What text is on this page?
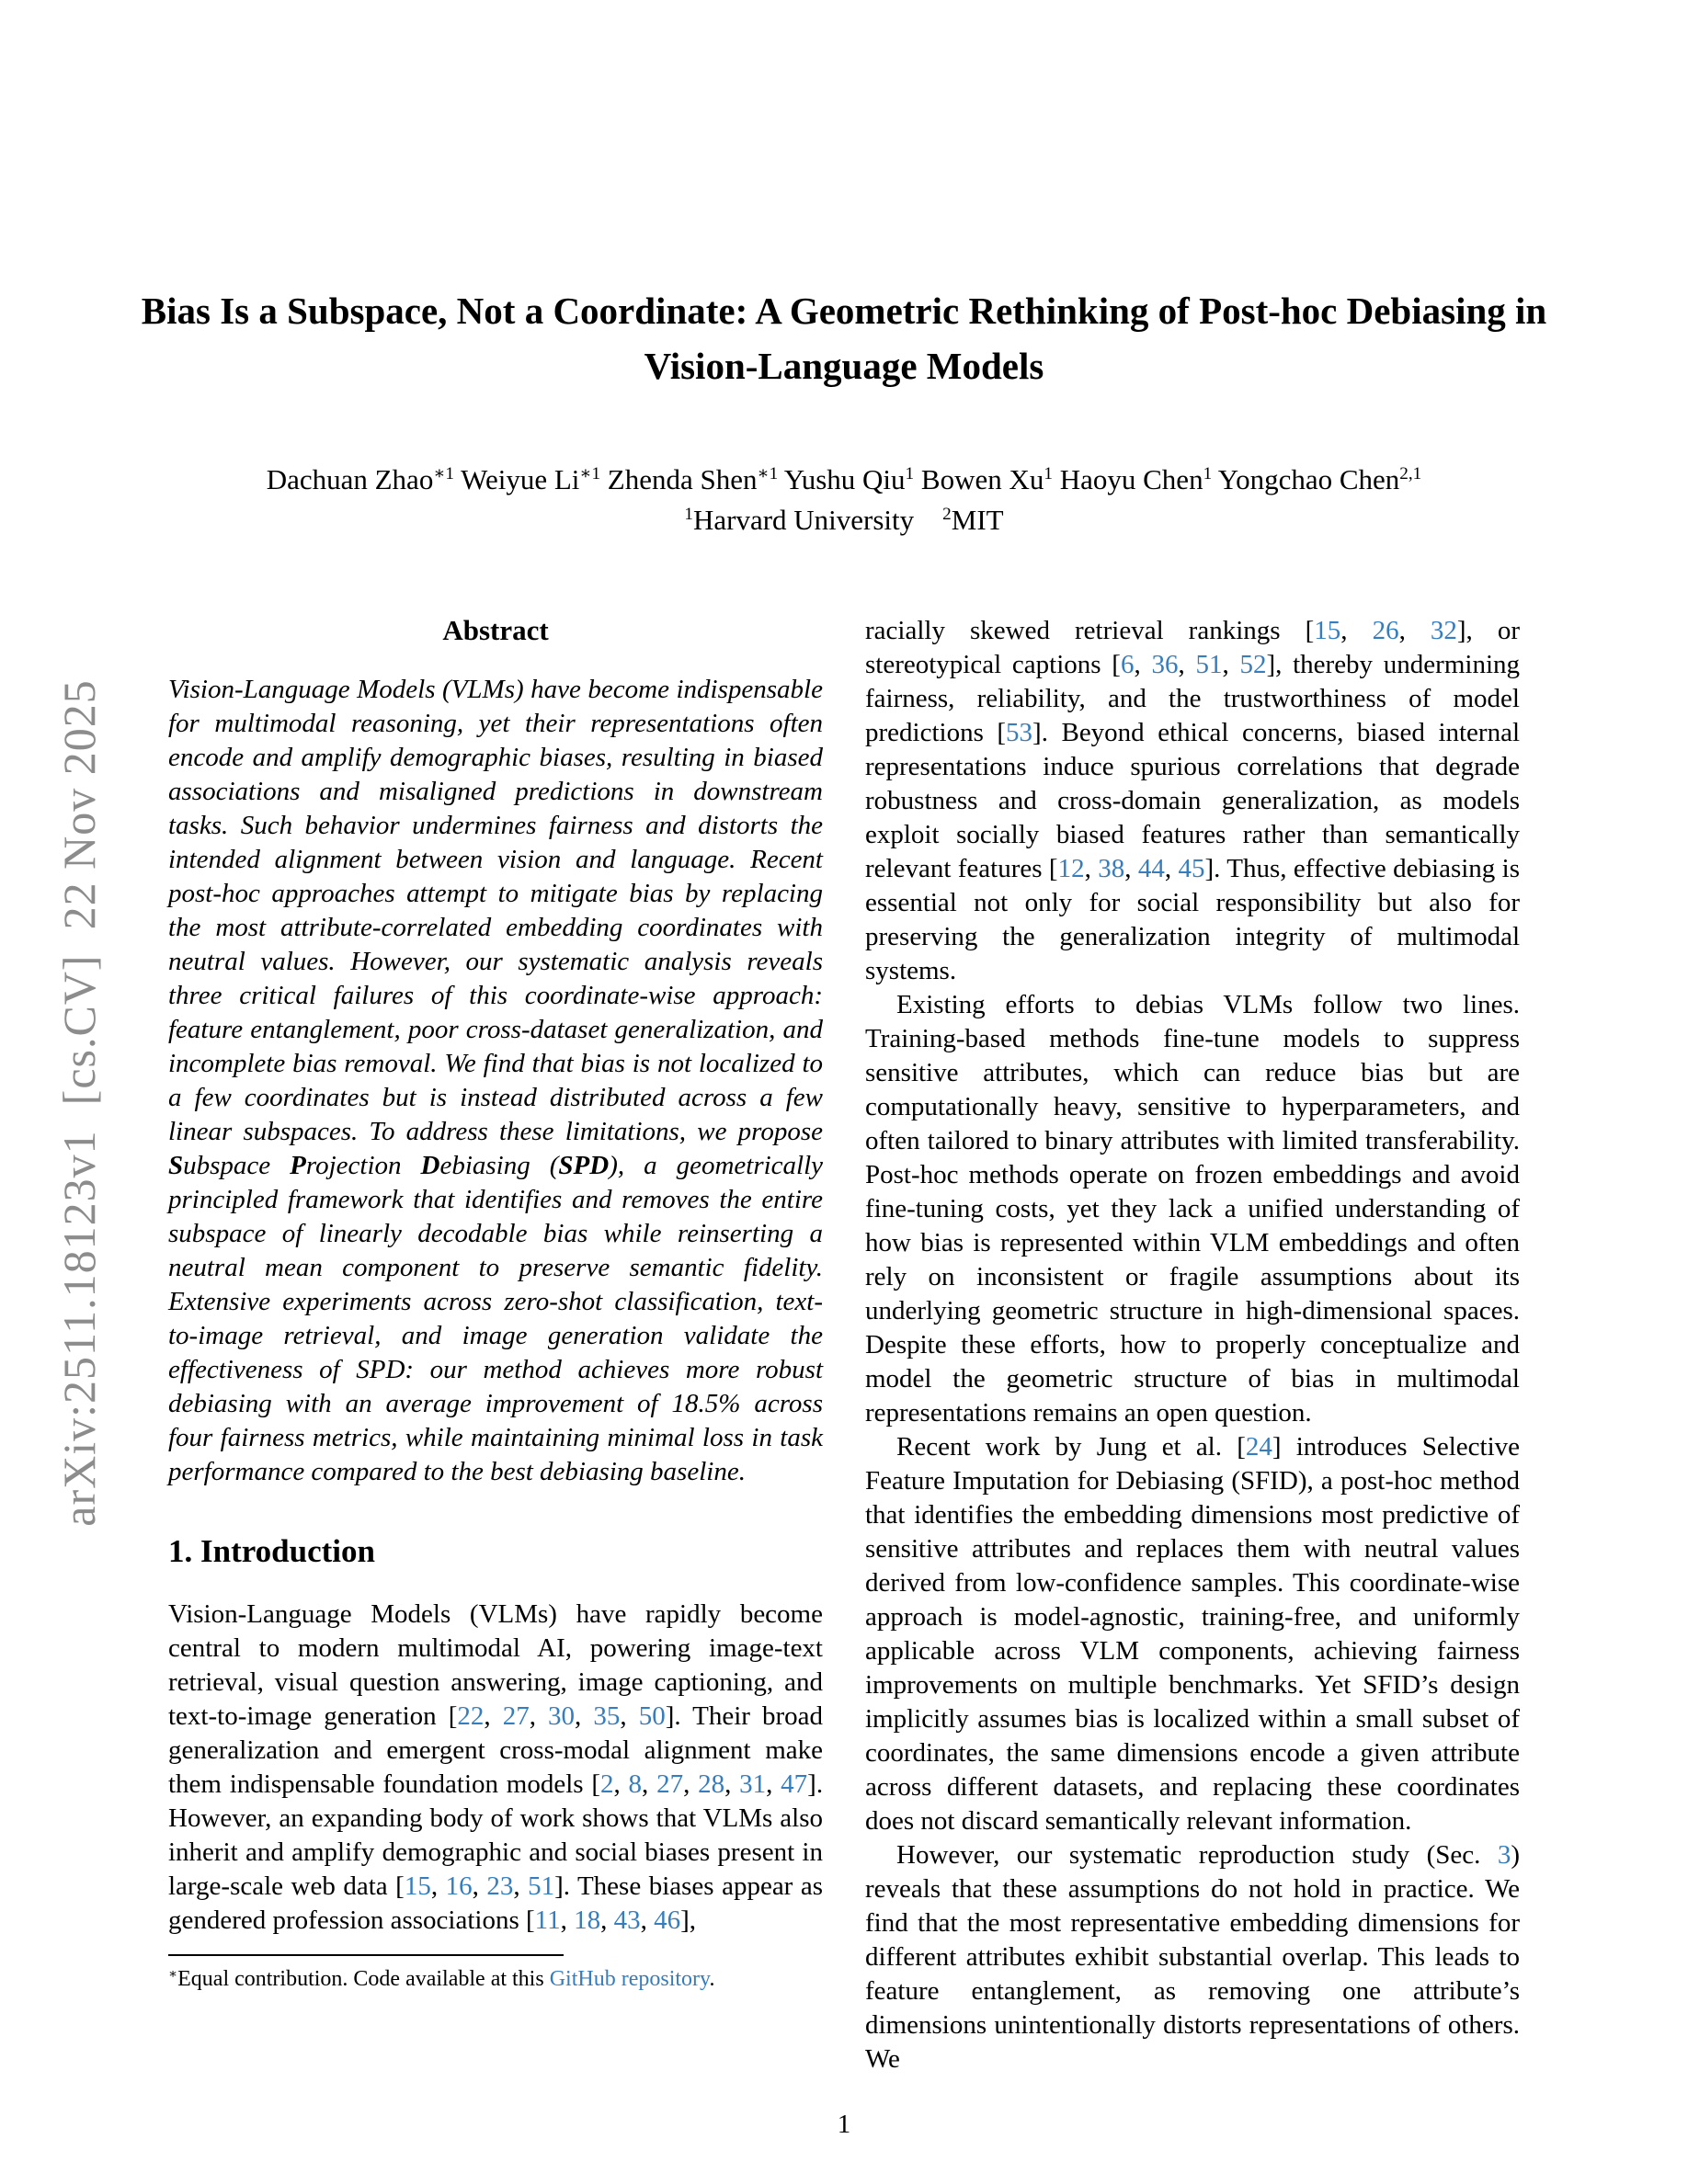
arXiv:2511.18123v1  [cs.CV]  22 Nov 2025
Bias Is a Subspace, Not a Coordinate: A Geometric Rethinking of Post-hoc Debiasing in Vision-Language Models
Dachuan Zhao$^{∗1}$ Weiyue $Li^{∗1}$ Zhenda Shen$^{∗1}$ Yushu Qiu$^1$ Bowen Xu$^1$ Haoyu Chen$^1$ Yongchao Chen$^{2,1}$
$^1$Harvard University  $^2$MIT
Abstract

Vision-Language Models (VLMs) have become indispensable for multimodal reasoning, yet their representations often encode and amplify demographic biases, resulting in biased associations and misaligned predictions in downstream tasks. Such behavior undermines fairness and distorts the intended alignment between vision and language. Recent post-hoc approaches attempt to mitigate bias by replacing the most attribute-correlated embedding coordinates with neutral values. However, our systematic analysis reveals three critical failures of this coordinate-wise approach: feature entanglement, poor cross-dataset generalization, and incomplete bias removal. We find that bias is not localized to a few coordinates but is instead distributed across a few linear subspaces. To address these limitations, we propose Subspace Projection Debiasing (SPD), a geometrically principled framework that identifies and removes the entire subspace of linearly decodable bias while reinserting a neutral mean component to preserve semantic fidelity. Extensive experiments across zero-shot classification, text-to-image retrieval, and image generation validate the effectiveness of SPD: our method achieves more robust debiasing with an average improvement of 18.5% across four fairness metrics, while maintaining minimal loss in task performance compared to the best debiasing baseline.

1. Introduction

Vision-Language Models (VLMs) have rapidly become central to modern multimodal AI, powering image-text retrieval, visual question answering, image captioning, and text-to-image generation [22, 27, 30, 35, 50]. Their broad generalization and emergent cross-modal alignment make them indispensable foundation models [2, 8, 27, 28, 31, 47]. However, an expanding body of work shows that VLMs also inherit and amplify demographic and social biases present in large-scale web data [15, 16, 23, 51]. These biases appear as gendered profession associations [11, 18, 43, 46],

∗Equal contribution. Code available at this GitHub repository.

racially skewed retrieval rankings [15, 26, 32], or stereotypical captions [6, 36, 51, 52], thereby undermining fairness, reliability, and the trustworthiness of model predictions [53]. Beyond ethical concerns, biased internal representations induce spurious correlations that degrade robustness and cross-domain generalization, as models exploit socially biased features rather than semantically relevant features [12, 38, 44, 45]. Thus, effective debiasing is essential not only for social responsibility but also for preserving the generalization integrity of multimodal systems.

Existing efforts to debias VLMs follow two lines. Training-based methods fine-tune models to suppress sensitive attributes, which can reduce bias but are computationally heavy, sensitive to hyperparameters, and often tailored to binary attributes with limited transferability. Post-hoc methods operate on frozen embeddings and avoid fine-tuning costs, yet they lack a unified understanding of how bias is represented within VLM embeddings and often rely on inconsistent or fragile assumptions about its underlying geometric structure in high-dimensional spaces. Despite these efforts, how to properly conceptualize and model the geometric structure of bias in multimodal representations remains an open question.

Recent work by Jung et al. [24] introduces Selective Feature Imputation for Debiasing (SFID), a post-hoc method that identifies the embedding dimensions most predictive of sensitive attributes and replaces them with neutral values derived from low-confidence samples. This coordinate-wise approach is model-agnostic, training-free, and uniformly applicable across VLM components, achieving fairness improvements on multiple benchmarks. Yet SFID’s design implicitly assumes bias is localized within a small subset of coordinates, the same dimensions encode a given attribute across different datasets, and replacing these coordinates does not discard semantically relevant information.

However, our systematic reproduction study (Sec. 3) reveals that these assumptions do not hold in practice. We find that the most representative embedding dimensions for different attributes exhibit substantial overlap. This leads to feature entanglement, as removing one attribute’s dimensions unintentionally distorts representations of others. We

1
